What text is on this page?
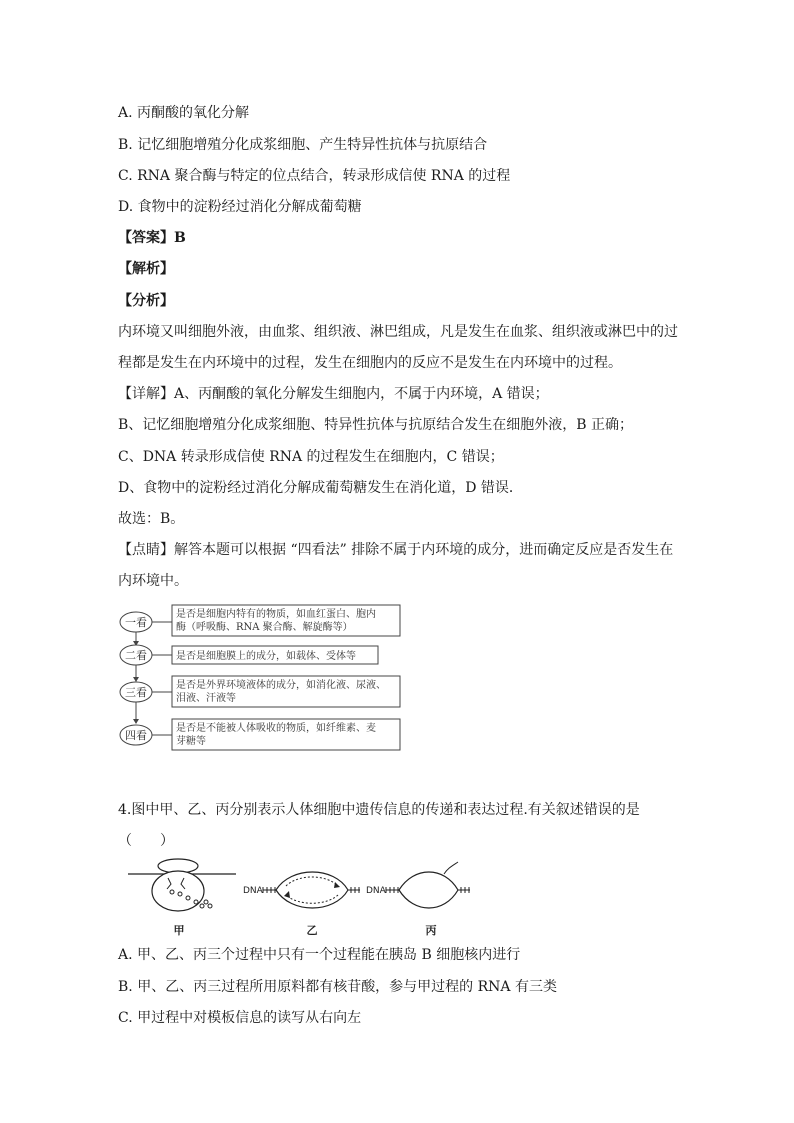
A. 丙酮酸的氧化分解
B. 记忆细胞增殖分化成浆细胞、产生特异性抗体与抗原结合
C. RNA 聚合酶与特定的位点结合，转录形成信使 RNA 的过程
D. 食物中的淀粉经过消化分解成葡萄糖
【答案】B
【解析】
【分析】
内环境又叫细胞外液，由血浆、组织液、淋巴组成，凡是发生在血浆、组织液或淋巴中的过
程都是发生在内环境中的过程，发生在细胞内的反应不是发生在内环境中的过程。
【详解】A、丙酮酸的氧化分解发生细胞内，不属于内环境，A 错误；
B、记忆细胞增殖分化成浆细胞、特异性抗体与抗原结合发生在细胞外液，B 正确；
C、DNA 转录形成信使 RNA 的过程发生在细胞内，C 错误；
D、食物中的淀粉经过消化分解成葡萄糖发生在消化道，D 错误．
故选：B。
【点睛】解答本题可以根据 “四看法” 排除不属于内环境的成分，进而确定反应是否发生在
内环境中。
一看
是否是细胞内特有的物质，如血红蛋白、胞内
酶（呼吸酶、RNA 聚合酶、解旋酶等）
二看	是否是细胞膜上的成分，如载体、受体等
三看
是否是外界环境液体的成分，如消化液、尿液、
泪液、汗液等
四看
是否是不能被人体吸收的物质，如纤维素、麦
芽糖等
4.图中甲、乙、丙分别表示人体细胞中遗传信息的传递和表达过程.有关叙述错误的是
（　　）
甲
DNA
乙
DNA
丙
A. 甲、乙、丙三个过程中只有一个过程能在胰岛 B 细胞核内进行
B. 甲、乙、丙三过程所用原料都有核苷酸，参与甲过程的 RNA 有三类
C. 甲过程中对模板信息的读写从右向左
